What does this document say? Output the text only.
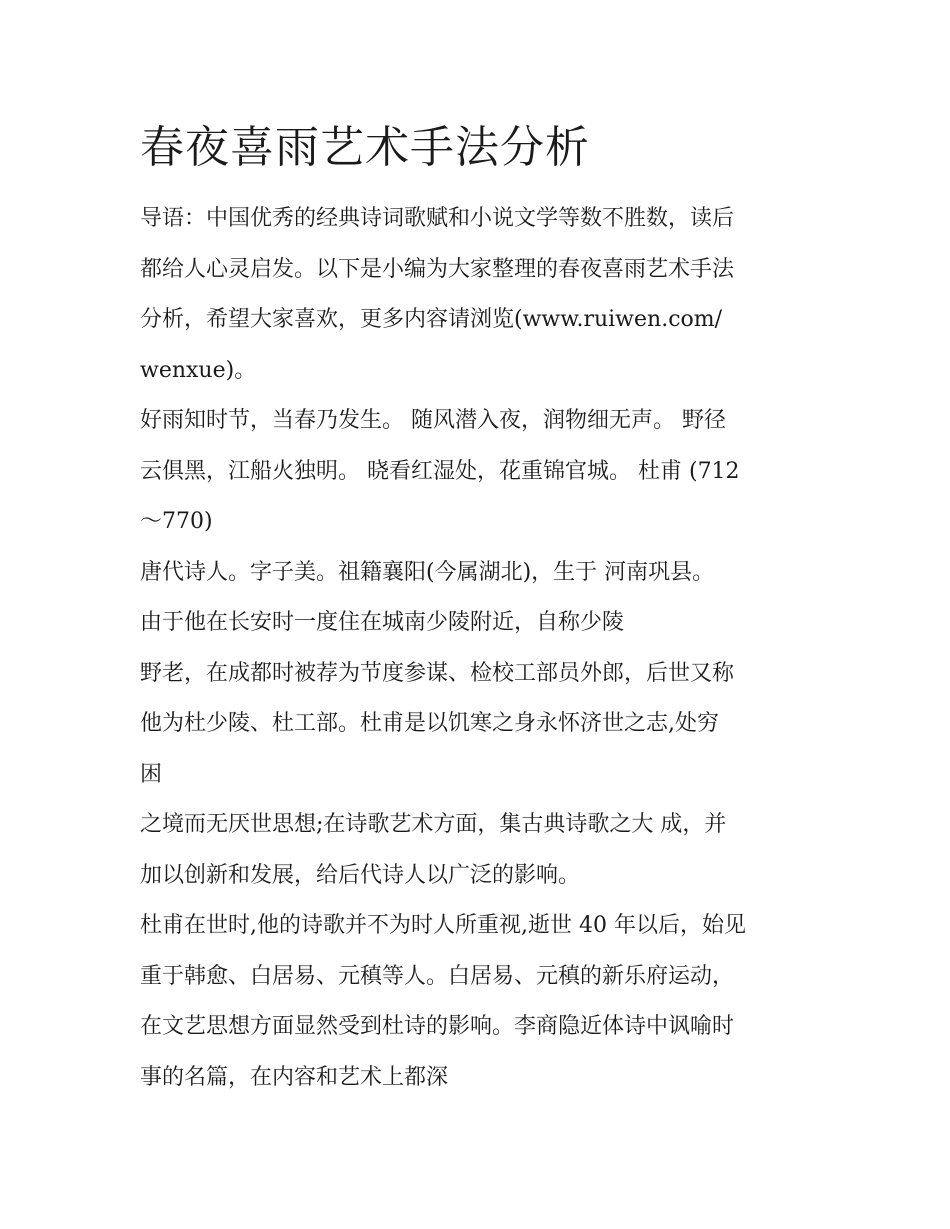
春夜喜雨艺术手法分析
导语：中国优秀的经典诗词歌赋和小说文学等数不胜数，读后
都给人心灵启发。以下是小编为大家整理的春夜喜雨艺术手法
分析，希望大家喜欢，更多内容请浏览(www.ruiwen.com/
wenxue)。
好雨知时节，当春乃发生。 随风潜入夜，润物细无声。 野径
云俱黑，江船火独明。 晓看红湿处，花重锦官城。 杜甫 (712
～770)
唐代诗人。字子美。祖籍襄阳(今属湖北)，生于 河南巩县。
由于他在长安时一度住在城南少陵附近，自称少陵
野老，在成都时被荐为节度参谋、检校工部员外郎，后世又称
他为杜少陵、杜工部。杜甫是以饥寒之身永怀济世之志,处穷
困
之境而无厌世思想;在诗歌艺术方面，集古典诗歌之大 成，并
加以创新和发展，给后代诗人以广泛的影响。
杜甫在世时,他的诗歌并不为时人所重视,逝世 40 年以后，始见
重于韩愈、白居易、元稹等人。白居易、元稹的新乐府运动，
在文艺思想方面显然受到杜诗的影响。李商隐近体诗中讽喻时
事的名篇，在内容和艺术上都深
